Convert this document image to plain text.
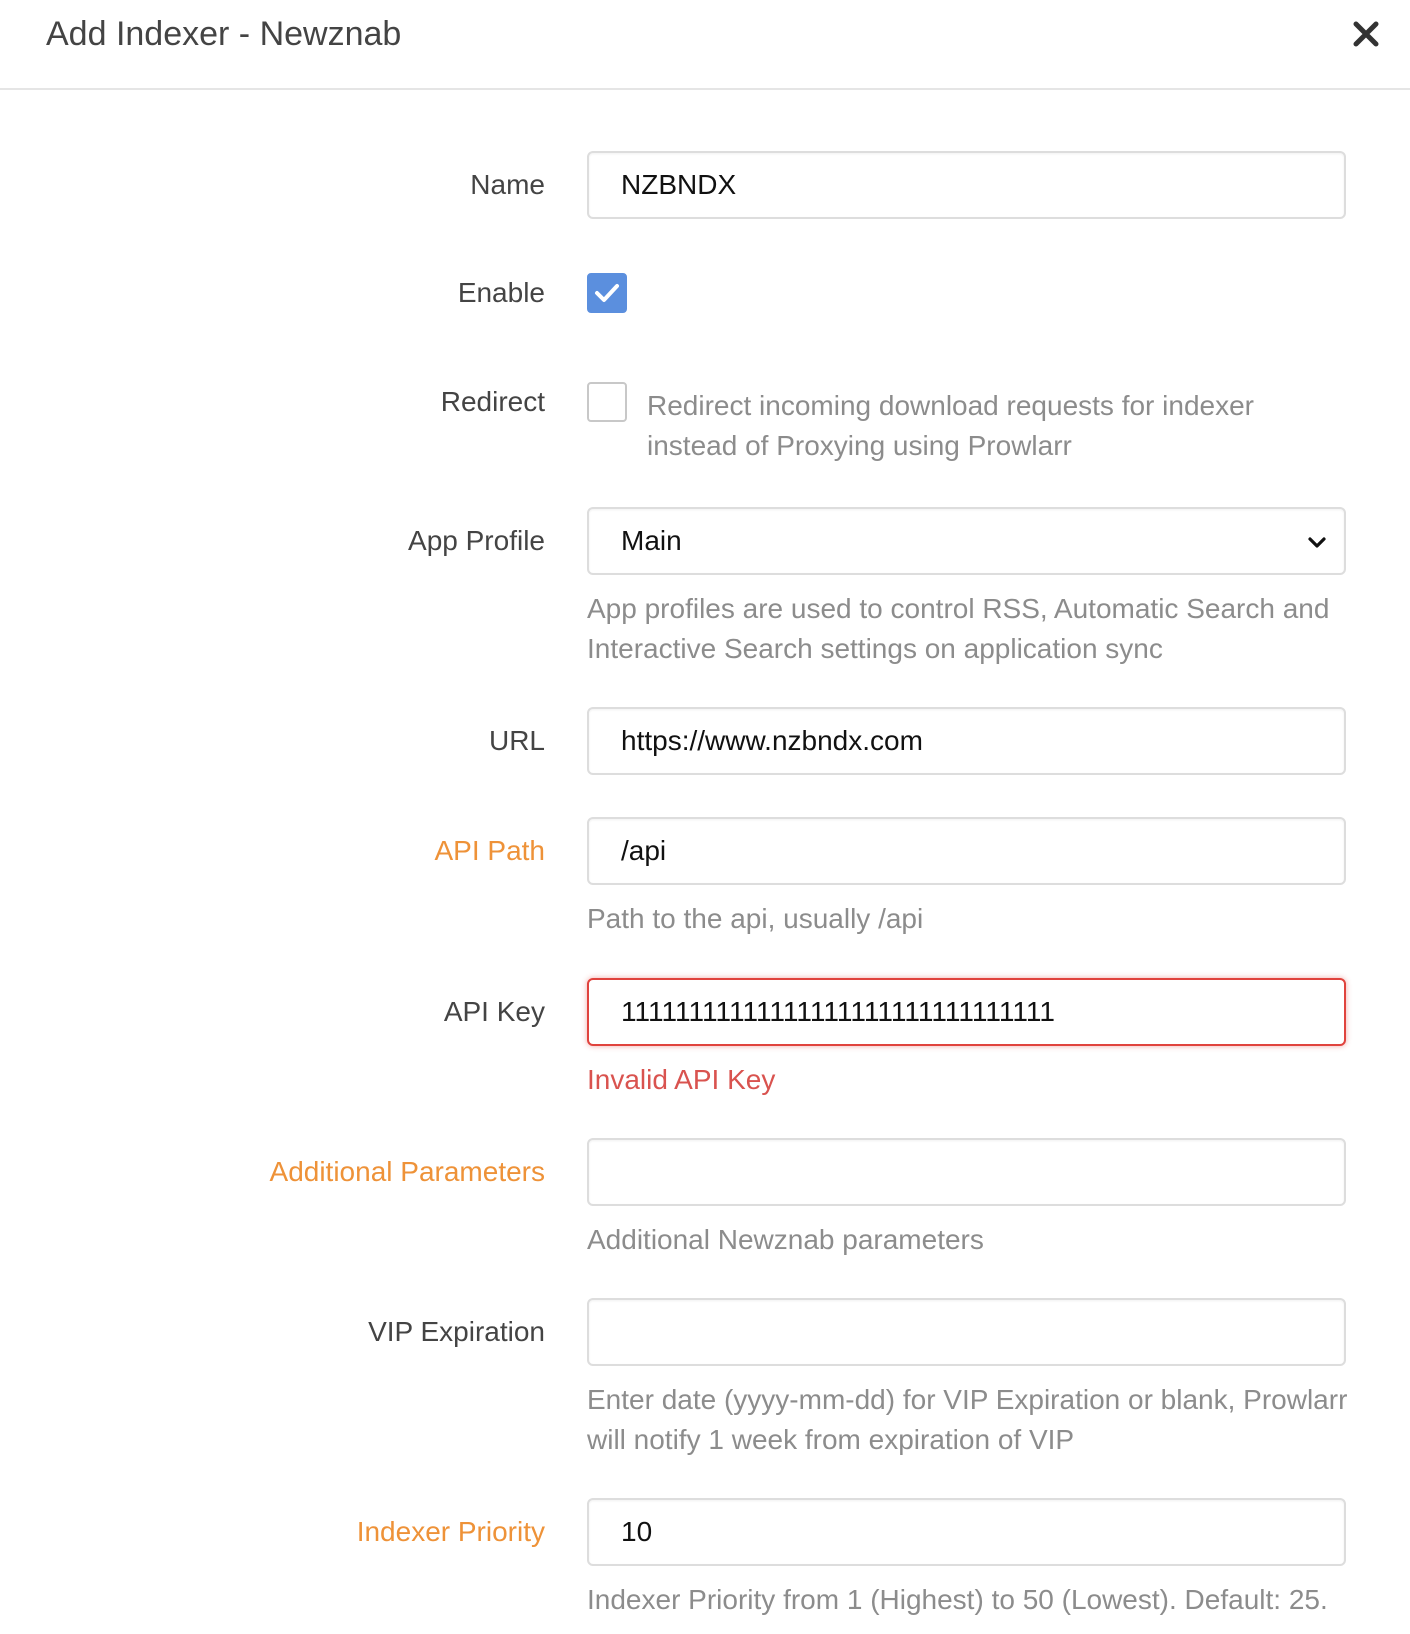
Add Indexer - Newznab
Name
NZBNDX
Enable
Redirect	Redirect incoming download requests for indexer instead of Proxying using Prowlarr
App Profile	Main
App profiles are used to control RSS, Automatic Search and Interactive Search settings on application sync
URL
https://www.nzbndx.com
API Path
/api
Path to the api, usually /api
API Key
11111111111111111111111111111111
Invalid API Key
Additional Parameters
Additional Newznab parameters
VIP Expiration
Enter date (yyyy-mm-dd) for VIP Expiration or blank, Prowlarr will notify 1 week from expiration of VIP
Indexer Priority
10
Indexer Priority from 1 (Highest) to 50 (Lowest). Default: 25.
